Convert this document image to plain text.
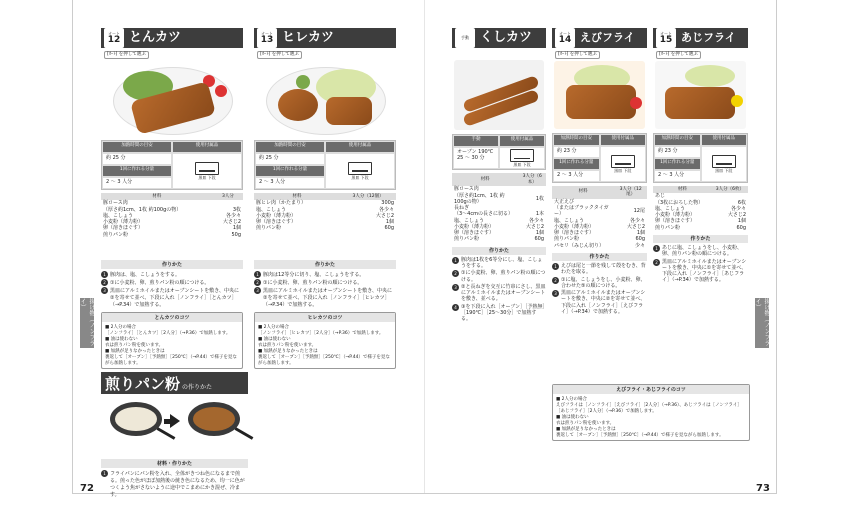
オート
12 とんカツ
[ｵｰﾄ] を押して選ぶ
加熱時間の目安	使用付属品
約 25 分
黒皿 下段
1回に作れる分量
2 ～ 3 人分
材料	3人分
豚ロース肉	
（厚さ約1cm、1枚 約100gの物）	3枚
塩、こしょう	各少々
小麦粉（薄力粉）	大さじ2
卵（溶きほぐす）	1個
煎りパン粉	50g
オート
13 ヒレカツ
[ｵｰﾄ] を押して選ぶ
加熱時間の目安	使用付属品
約 25 分
黒皿 下段
1回に作れる分量
2 ～ 3 人分
材料	3人分（12個）
豚ヒレ肉（かたまり）	300g
塩、こしょう	各少々
小麦粉（薄力粉）	大さじ2
卵（溶きほぐす）	1個
煎りパン粉	60g
作りかた
1 豚肉は、塩、こしょうをする。
2 ①に小麦粉、卵、煎りパン粉の順につける。
3 黒皿にアルミホイルまたはオーブンシートを敷き、中央に②を寄せて並べ、下段に入れ［ノンフライ］［とんカツ］（→P.34）で加熱する。
とんカツのコツ
■ 2人分の場合
［ノンフライ］［とんカツ］［2人分］（→P.36）で加熱します。
■ 油は使わない
衣は煎りパン粉を使います。
■ 加熱が足りなかったときは
裏返して［オーブン］［予熱無］［250℃］（→P.44）で様子を見ながら加熱します。
作りかた
1 豚肉は12等分に切り、塩、こしょうをする。
2 ①に小麦粉、卵、煎りパン粉の順につける。
3 黒皿にアルミホイルまたはオーブンシートを敷き、中央に②を寄せて並べ、下段に入れ［ノンフライ］［ヒレカツ］（→P.34）で加熱する。
ヒレカツのコツ
■ 2人分の場合
［ノンフライ］［ヒレカツ］［2人分］（→P.36）で加熱します。
■ 油は使わない
衣は煎りパン粉を使います。
■ 加熱が足りなかったときは
裏返して［オーブン］［予熱無］［250℃］（→P.44）で様子を見ながら加熱します。
煎りパン粉 の作りかた
材料・作りかた
1 フライパンにパン粉を入れ、全体がきつね色になるまで煎る。煎った色がほぼ加熱後の焼き色になるため、均一に色がつくよう焦がさないように途中でこまめにかき混ぜ、冷ます。
揚げ物（ノンフライ）
72
手動 くしカツ
手動	使用付属品
オーブン 190℃ 25 ～ 30 分
黒皿 下段
材料	3人分（6本）
豚ロース肉	
（厚さ約1cm、1枚 約100gの物）	1枚
長ねぎ	
（3～4cmの長さに切る）	1本
塩、こしょう	各少々
小麦粉（薄力粉）	大さじ2
卵（溶きほぐす）	1個
煎りパン粉	60g
作りかた
1 豚肉は1枚を6等分にし、塩、こしょうをする。
2 ①に小麦粉、卵、煎りパン粉の順につける。
3 ②と長ねぎを交互に竹串にさし、黒皿にアルミホイルまたはオーブンシートを敷き、並べる。
4 ③を下段に入れ［オーブン］［予熱無］［190℃］［25～30分］で加熱する。
オート
14 えびフライ
[ｵｰﾄ] を押して選ぶ
加熱時間の目安	使用付属品
約 23 分
黒皿 下段
1回に作れる分量
2 ～ 3 人分
材料	3人分（12尾）
大正えび	
（またはブラックタイガー）	12尾
塩、こしょう	各少々
小麦粉（薄力粉）	大さじ2
卵（溶きほぐす）	1個
煎りパン粉	60g
パセリ（みじん切り）	少々
作りかた
1 えびは尾と一節を残して殻をむき、背わたを取る。
2 ①に塩、こしょうをし、小麦粉、卵、合わせた⑤の順につける。
3 黒皿にアルミホイルまたはオーブンシートを敷き、中央に②を寄せて並べ、下段に入れ［ノンフライ］［えびフライ］（→P.34）で加熱する。
オート
15 あじフライ
[ｵｰﾄ] を押して選ぶ
加熱時間の目安	使用付属品
約 23 分
黒皿 下段
1回に作れる分量
2 ～ 3 人分
材料	3人分（6枚）
あじ	
（3枚におろした物）	6枚
塩、こしょう	各少々
小麦粉（薄力粉）	大さじ2
卵（溶きほぐす）	1個
煎りパン粉	60g
作りかた
1 あじに塩、こしょうをし、小麦粉、卵、煎りパン粉の順につける。
2 黒皿にアルミホイルまたはオーブンシートを敷き、中央に①を寄せて並べ、下段に入れ［ノンフライ］［あじフライ］（→P.34）で加熱する。
えびフライ・あじフライのコツ
■ 2人分の場合
えびフライは［ノンフライ］［えびフライ］［2人分］（→P.36）、あじフライは［ノンフライ］［あじフライ］［2人分］（→P.36）で加熱します。
■ 油は使わない
衣は煎りパン粉を使います。
■ 加熱が足りなかったときは
裏返して［オーブン］［予熱無］［250℃］（→P.44）で様子を見ながら加熱します。
揚げ物（ノンフライ）
73
